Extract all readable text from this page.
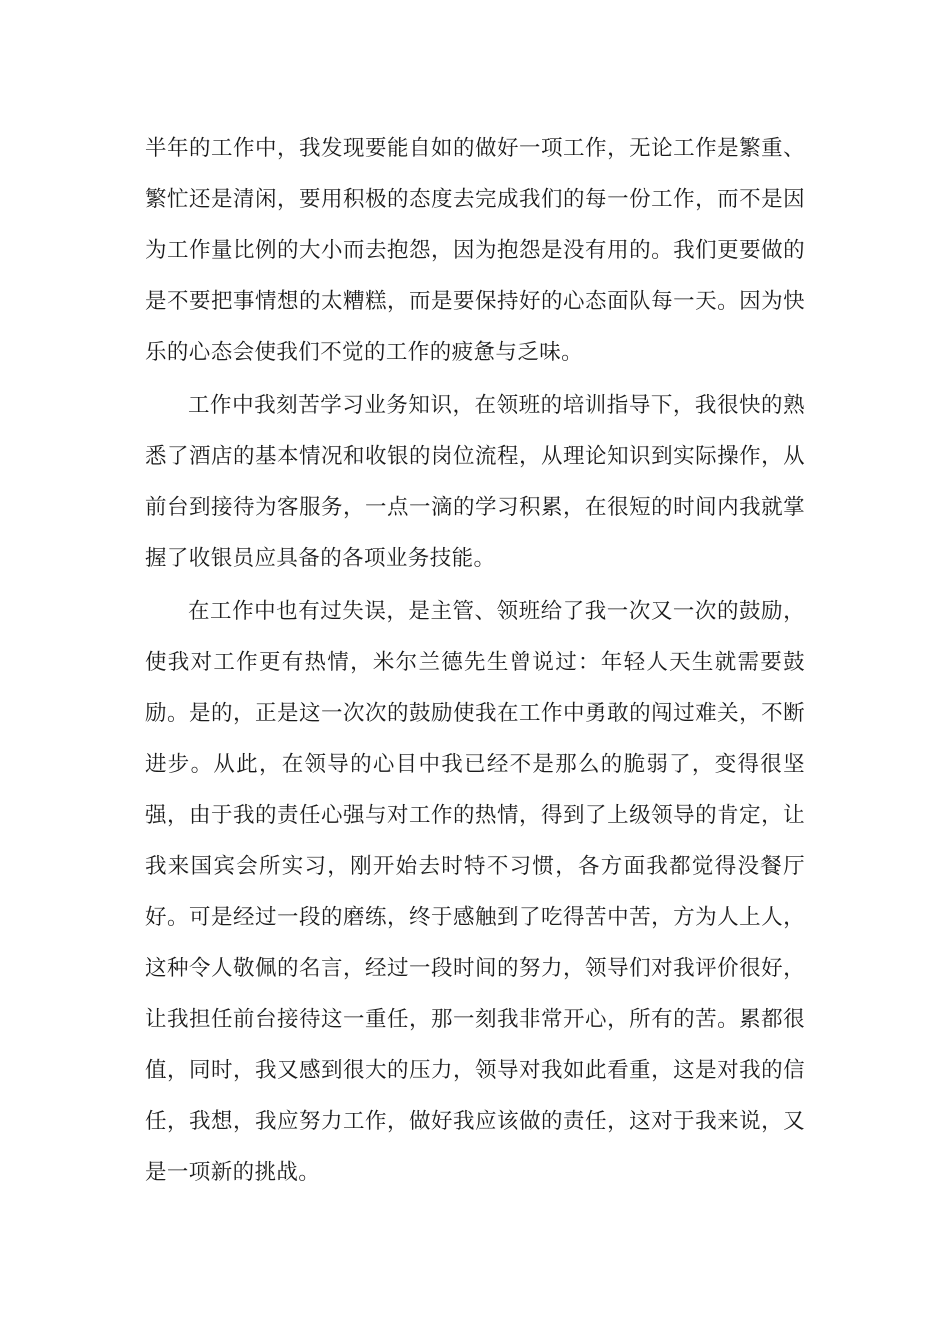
半年的工作中，我发现要能自如的做好一项工作，无论工作是繁重、繁忙还是清闲，要用积极的态度去完成我们的每一份工作，而不是因为工作量比例的大小而去抱怨，因为抱怨是没有用的。我们更要做的是不要把事情想的太糟糕，而是要保持好的心态面队每一天。因为快乐的心态会使我们不觉的工作的疲惫与乏味。

工作中我刻苦学习业务知识，在领班的培训指导下，我很快的熟悉了酒店的基本情况和收银的岗位流程，从理论知识到实际操作，从前台到接待为客服务，一点一滴的学习积累，在很短的时间内我就掌握了收银员应具备的各项业务技能。

在工作中也有过失误，是主管、领班给了我一次又一次的鼓励，使我对工作更有热情，米尔兰德先生曾说过：年轻人天生就需要鼓励。是的，正是这一次次的鼓励使我在工作中勇敢的闯过难关，不断进步。从此，在领导的心目中我已经不是那么的脆弱了，变得很坚强，由于我的责任心强与对工作的热情，得到了上级领导的肯定，让我来国宾会所实习，刚开始去时特不习惯，各方面我都觉得没餐厅好。可是经过一段的磨练，终于感触到了吃得苦中苦，方为人上人，这种令人敬佩的名言，经过一段时间的努力，领导们对我评价很好，让我担任前台接待这一重任，那一刻我非常开心，所有的苦。累都很值，同时，我又感到很大的压力，领导对我如此看重，这是对我的信任，我想，我应努力工作，做好我应该做的责任，这对于我来说，又是一项新的挑战。
